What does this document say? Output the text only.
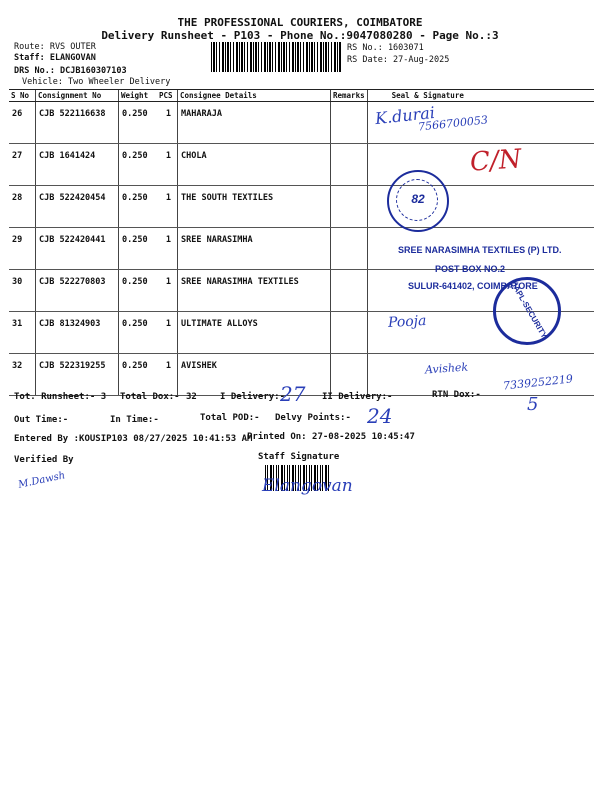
THE PROFESSIONAL COURIERS, COIMBATORE
Delivery Runsheet - P103 - Phone No.:9047080280 - Page No.:3
Route: RVS OUTER
Staff: ELANGOVAN
DRS No.: DCJB160307103
Vehicle: Two Wheeler Delivery
RS No.: 1603071
RS Date: 27-Aug-2025
S No	Consignment No	Weight	PCS	Consignee Details	Remarks	Seal & Signature
26	CJB 522116638	0.250	1	MAHARAJA		
27	CJB 1641424	0.250	1	CHOLA		
28	CJB 522420454	0.250	1	THE SOUTH TEXTILES		
29	CJB 522420441	0.250	1	SREE NARASIMHA		
30	CJB 522270803	0.250	1	SREE NARASIMHA TEXTILES		
31	CJB 81324903	0.250	1	ULTIMATE ALLOYS		
32	CJB 522319255	0.250	1	AVISHEK		
K.durai
7566700053
C/N
82
SREE NARASIMHA TEXTILES (P) LTD.
POST BOX NO.2
SULUR-641402, COIMBATORE
UAPL-SECURITY
Pooja
Avishek
7339252219
Tot. Runsheet:- 3 Total Dox:- 32	I Delivery:-
27 II Delivery:-	RTN Dox:-	5
Out Time:-	In Time:-	Total POD:- Delvy Points:- 24
Entered By :KOUSIP103 08/27/2025 10:41:53 AM
Printed On: 27-08-2025 10:45:47
Verified By	Staff Signature
M.Dawsh	Elangovan
